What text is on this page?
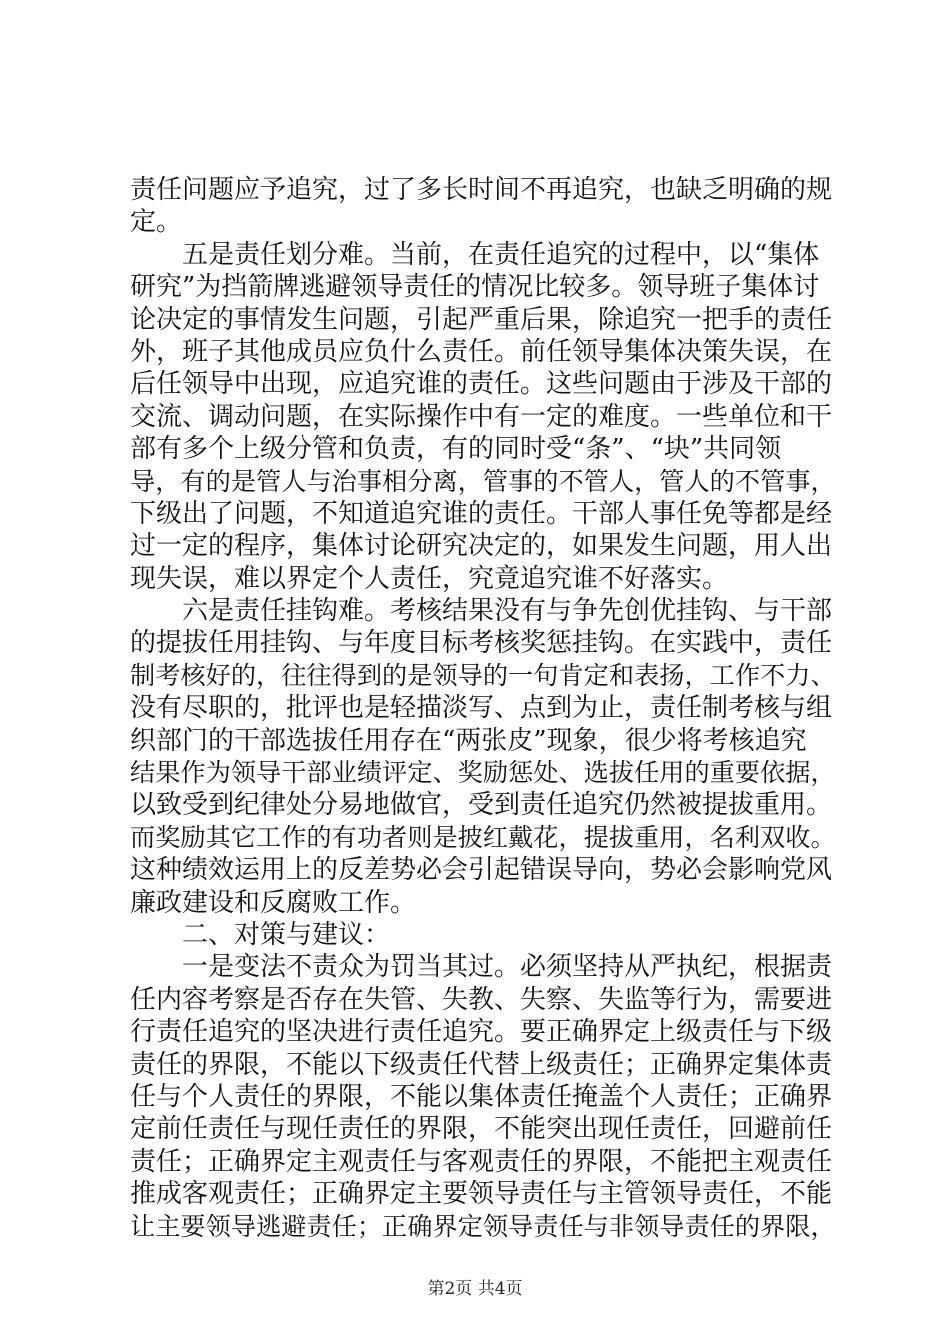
责任问题应予追究，过了多长时间不再追究，也缺乏明确的规
定。
五是责任划分难。当前，在责任追究的过程中，以“集体
研究”为挡箭牌逃避领导责任的情况比较多。领导班子集体讨
论决定的事情发生问题，引起严重后果，除追究一把手的责任
外，班子其他成员应负什么责任。前任领导集体决策失误，在
后任领导中出现，应追究谁的责任。这些问题由于涉及干部的
交流、调动问题，在实际操作中有一定的难度。一些单位和干
部有多个上级分管和负责，有的同时受“条”、“块”共同领
导，有的是管人与治事相分离，管事的不管人，管人的不管事，
下级出了问题，不知道追究谁的责任。干部人事任免等都是经
过一定的程序，集体讨论研究决定的，如果发生问题，用人出
现失误，难以界定个人责任，究竟追究谁不好落实。
六是责任挂钩难。考核结果没有与争先创优挂钩、与干部
的提拔任用挂钩、与年度目标考核奖惩挂钩。在实践中，责任
制考核好的，往往得到的是领导的一句肯定和表扬，工作不力、
没有尽职的，批评也是轻描淡写、点到为止，责任制考核与组
织部门的干部选拔任用存在“两张皮”现象，很少将考核追究
结果作为领导干部业绩评定、奖励惩处、选拔任用的重要依据，
以致受到纪律处分易地做官，受到责任追究仍然被提拔重用。
而奖励其它工作的有功者则是披红戴花，提拔重用，名利双收。
这种绩效运用上的反差势必会引起错误导向，势必会影响党风
廉政建设和反腐败工作。
二、对策与建议：
一是变法不责众为罚当其过。必须坚持从严执纪，根据责
任内容考察是否存在失管、失教、失察、失监等行为，需要进
行责任追究的坚决进行责任追究。要正确界定上级责任与下级
责任的界限，不能以下级责任代替上级责任；正确界定集体责
任与个人责任的界限，不能以集体责任掩盖个人责任；正确界
定前任责任与现任责任的界限，不能突出现任责任，回避前任
责任；正确界定主观责任与客观责任的界限，不能把主观责任
推成客观责任；正确界定主要领导责任与主管领导责任，不能
让主要领导逃避责任；正确界定领导责任与非领导责任的界限，
第2页 共4页
